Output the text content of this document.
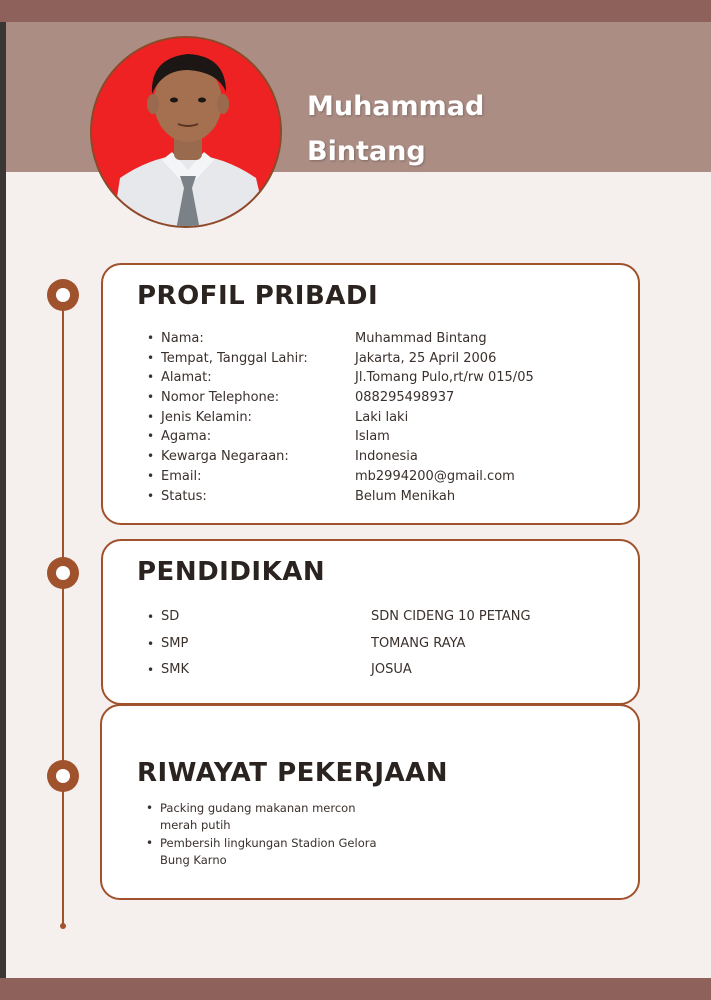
Muhammad
Bintang
PROFIL PRIBADI
• Nama:	Muhammad Bintang
• Tempat, Tanggal Lahir:	Jakarta, 25 April 2006
• Alamat:	Jl.Tomang Pulo,rt/rw 015/05
• Nomor Telephone:	088295498937
• Jenis Kelamin:	Laki laki
• Agama:	Islam
• Kewarga Negaraan:	Indonesia
• Email:	mb2994200@gmail.com
• Status:	Belum Menikah
PENDIDIKAN
• SD	SDN CIDENG 10 PETANG
• SMP	TOMANG RAYA
• SMK	JOSUA
RIWAYAT PEKERJAAN
• Packing gudang makanan mercon merah putih
• Pembersih lingkungan Stadion Gelora Bung Karno
